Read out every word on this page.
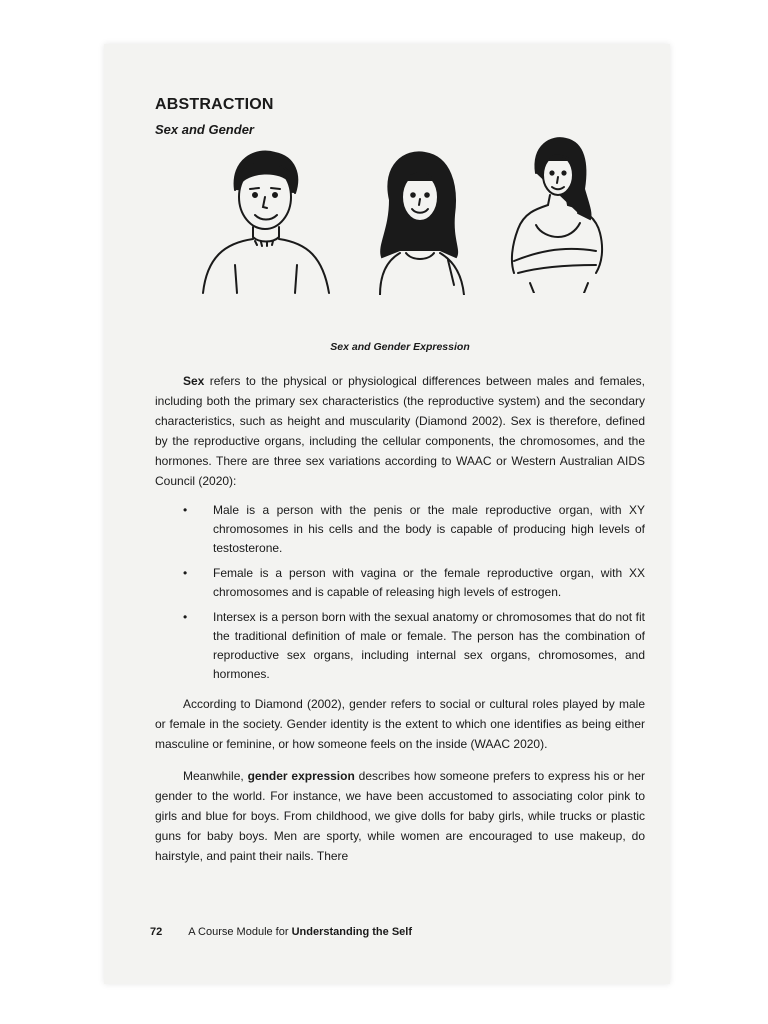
ABSTRACTION
Sex and Gender

Sex and Gender Expression

Sex refers to the physical or physiological differences between males and females, including both the primary sex characteristics (the reproductive system) and the secondary characteristics, such as height and muscularity (Diamond 2002). Sex is therefore, defined by the reproductive organs, including the cellular components, the chromosomes, and the hormones. There are three sex variations according to WAAC or Western Australian AIDS Council (2020):

• Male is a person with the penis or the male reproductive organ, with XY chromosomes in his cells and the body is capable of producing high levels of testosterone.
• Female is a person with vagina or the female reproductive organ, with XX chromosomes and is capable of releasing high levels of estrogen.
• Intersex is a person born with the sexual anatomy or chromosomes that do not fit the traditional definition of male or female. The person has the combination of reproductive sex organs, including internal sex organs, chromosomes, and hormones.

According to Diamond (2002), gender refers to social or cultural roles played by male or female in the society. Gender identity is the extent to which one identifies as being either masculine or feminine, or how someone feels on the inside (WAAC 2020).

Meanwhile, gender expression describes how someone prefers to express his or her gender to the world. For instance, we have been accustomed to associating color pink to girls and blue for boys. From childhood, we give dolls for baby girls, while trucks or plastic guns for baby boys. Men are sporty, while women are encouraged to use makeup, do hairstyle, and paint their nails. There

72 A Course Module for Understanding the Self
